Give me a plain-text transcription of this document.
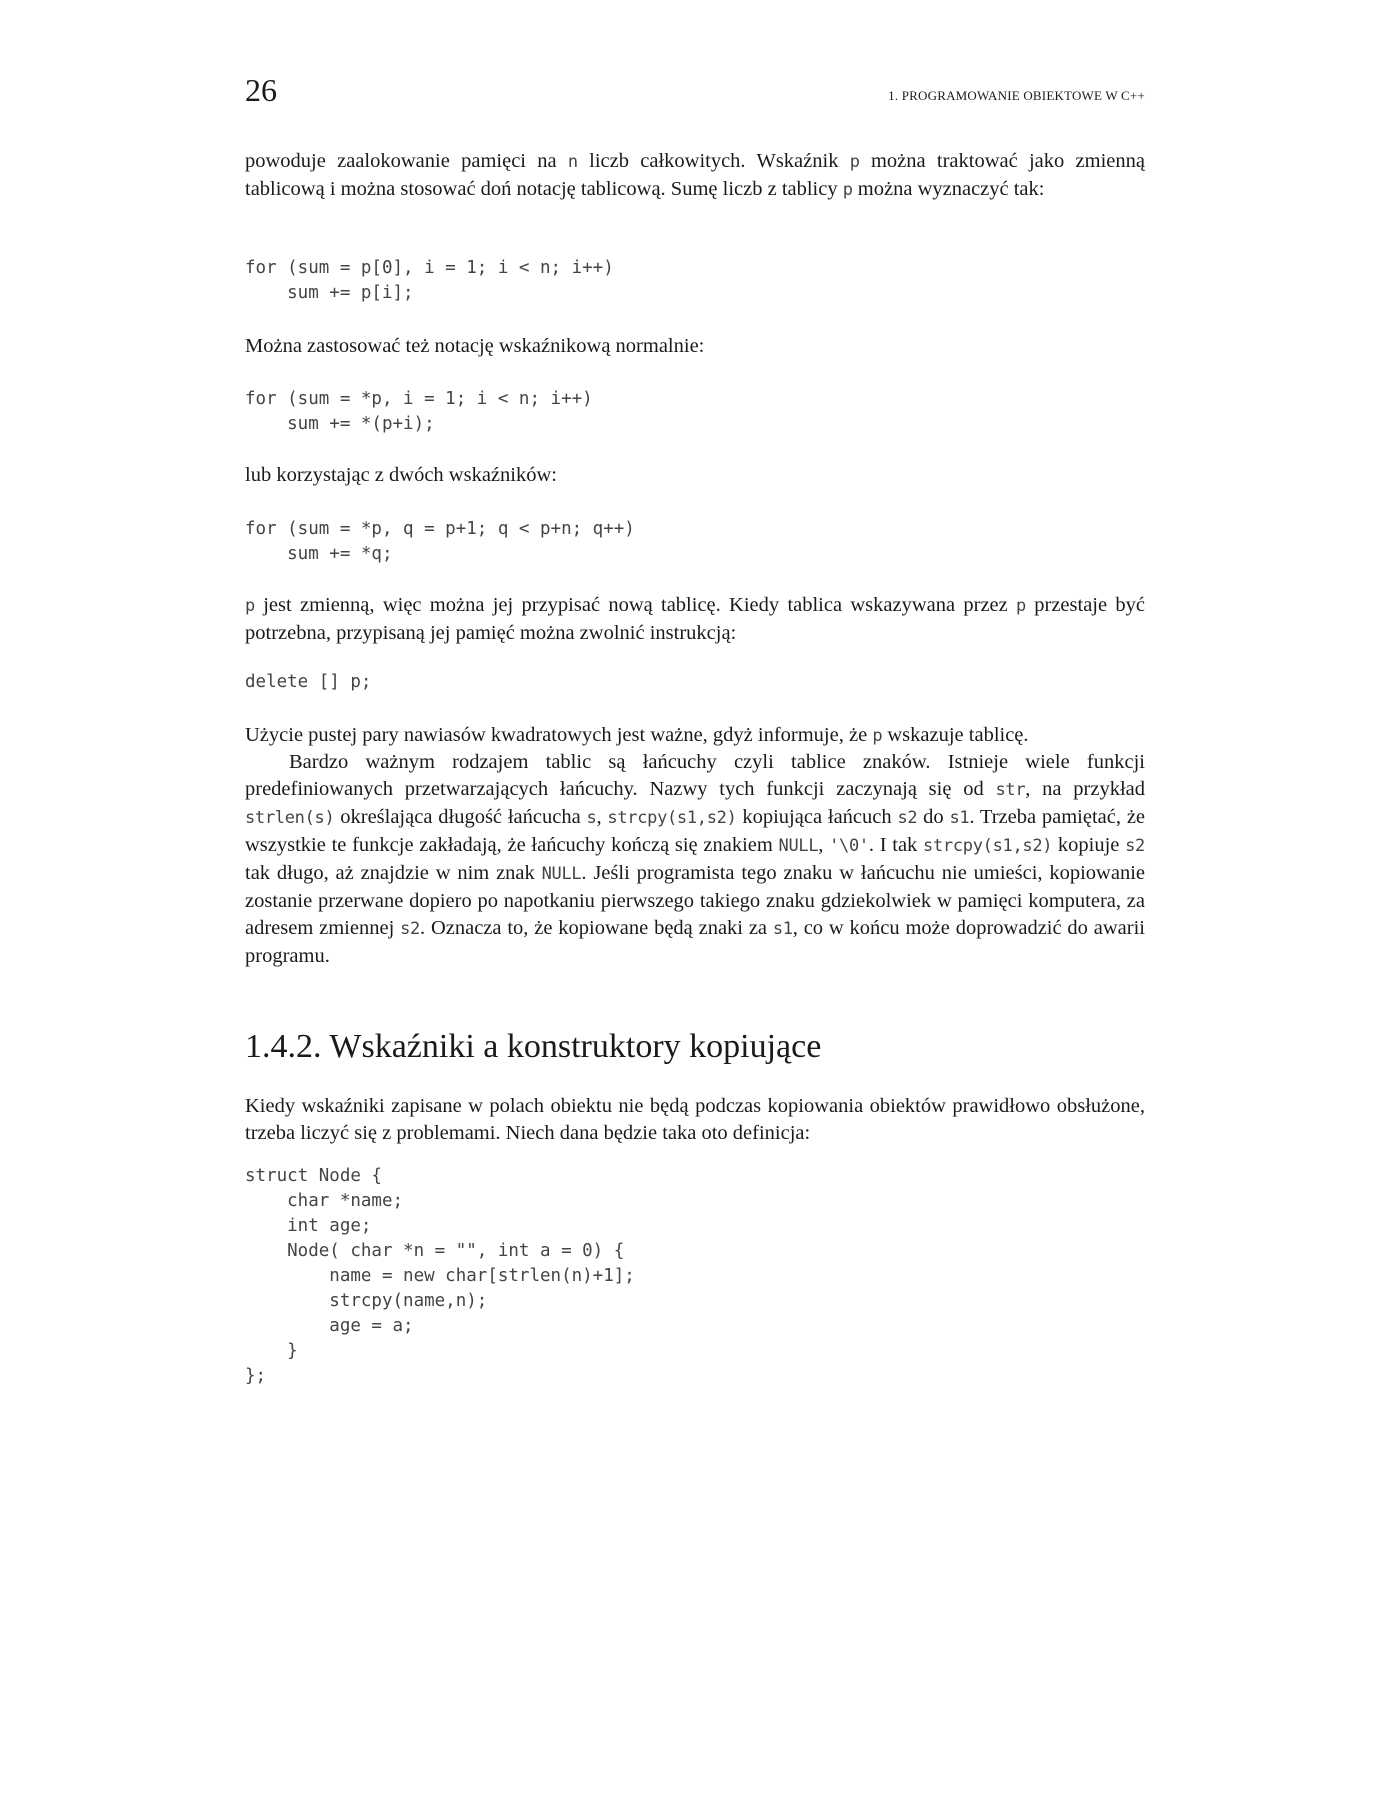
26	1. PROGRAMOWANIE OBIEKTOWE W C++

powoduje zaalokowanie pamięci na n liczb całkowitych. Wskaźnik p można traktować jako zmienną tablicową i można stosować doń notację tablicową. Sumę liczb z tablicy p można wyznaczyć tak:

for (sum = p[0], i = 1; i < n; i++)
sum += p[i];

Można zastosować też notację wskaźnikową normalnie:

for (sum = *p, i = 1; i < n; i++)
sum += *(p+i);

lub korzystając z dwóch wskaźników:

for (sum = *p, q = p+1; q < p+n; q++)
sum += *q;

p jest zmienną, więc można jej przypisać nową tablicę. Kiedy tablica wskazywana przez p przestaje być potrzebna, przypisaną jej pamięć można zwolnić instrukcją:

delete [] p;

Użycie pustej pary nawiasów kwadratowych jest ważne, gdyż informuje, że p wskazuje tablicę.

Bardzo ważnym rodzajem tablic są łańcuchy czyli tablice znaków. Istnieje wiele funkcji predefiniowanych przetwarzających łańcuchy. Nazwy tych funkcji zaczynają się od str, na przykład strlen(s) określająca długość łańcucha s, strcpy(s1,s2) kopiująca łańcuch s2 do s1. Trzeba pamiętać, że wszystkie te funkcje zakładają, że łańcuchy kończą się znakiem NULL, '\0'. I tak strcpy(s1,s2) kopiuje s2 tak długo, aż znajdzie w nim znak NULL. Jeśli programista tego znaku w łańcuchu nie umieści, kopiowanie zostanie przerwane dopiero po napotkaniu pierwszego takiego znaku gdziekolwiek w pamięci komputera, za adresem zmiennej s2. Oznacza to, że kopiowane będą znaki za s1, co w końcu może doprowadzić do awarii programu.

1.4.2. Wskaźniki a konstruktory kopiujące

Kiedy wskaźniki zapisane w polach obiektu nie będą podczas kopiowania obiektów prawidłowo obsłużone, trzeba liczyć się z problemami. Niech dana będzie taka oto definicja:

struct Node {
char *name;
int age;
Node( char *n = "", int a = 0) {
name = new char[strlen(n)+1];
strcpy(name,n);
age = a;
}
};
